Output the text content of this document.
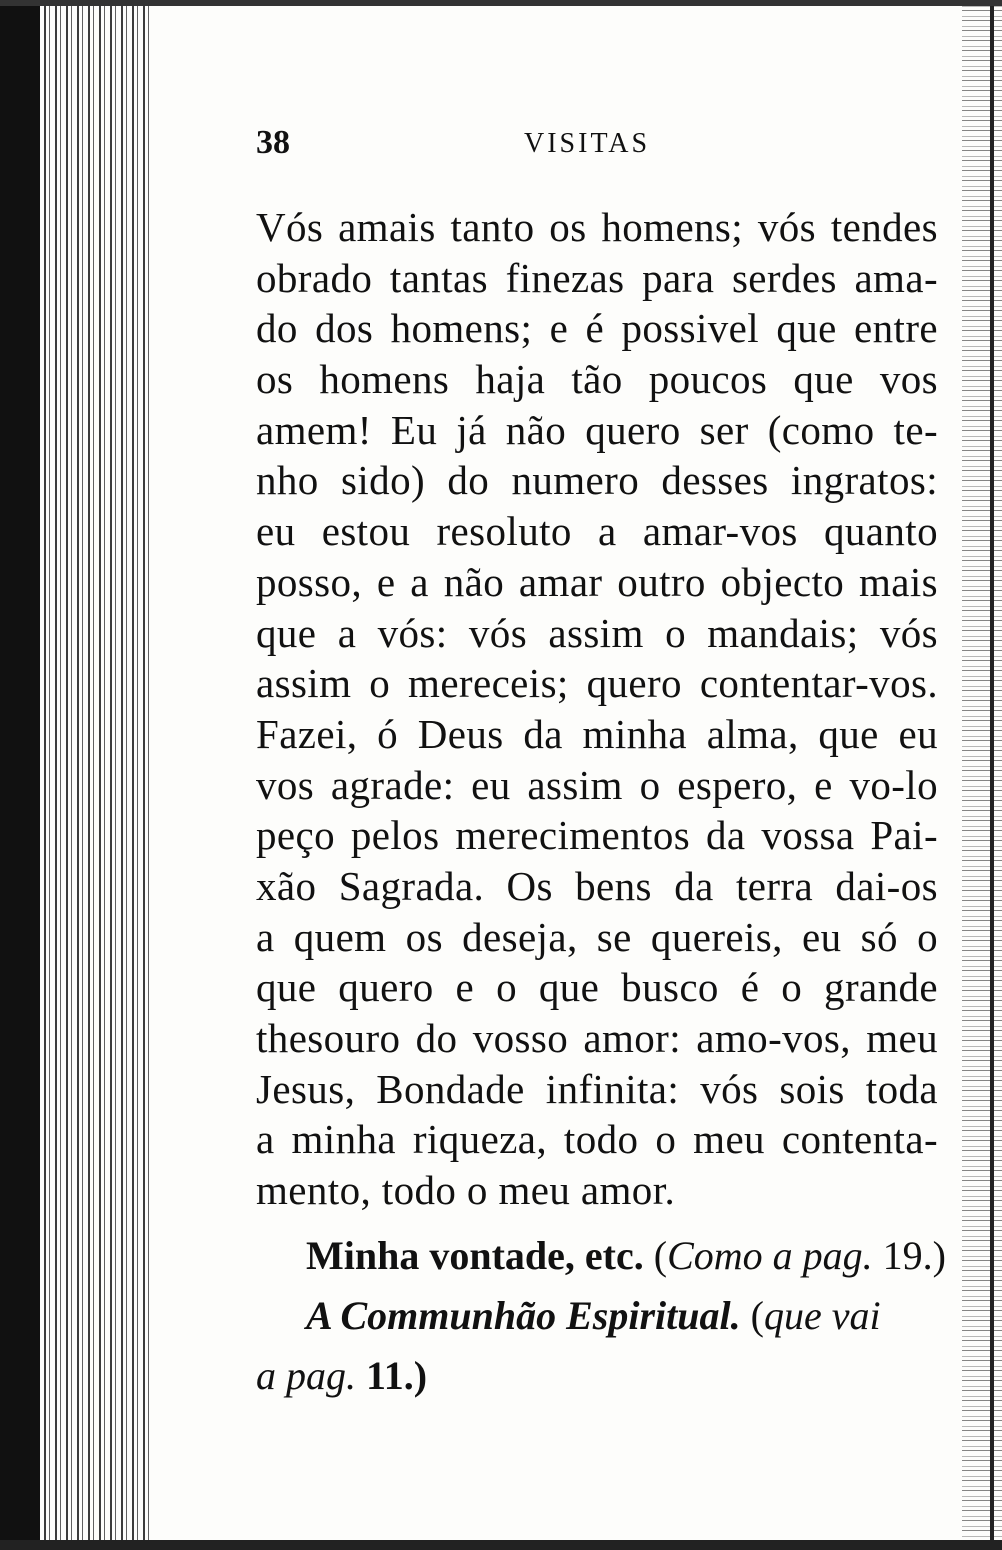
38	VISITAS
Vós amais tanto os homens; vós tendes
obrado tantas finezas para serdes ama-
do dos homens; e é possivel que entre
os homens haja tão poucos que vos
amem! Eu já não quero ser (como te-
nho sido) do numero desses ingratos:
eu estou resoluto a amar-vos quanto
posso, e a não amar outro objecto mais
que a vós: vós assim o mandais; vós
assim o mereceis; quero contentar-vos.
Fazei, ó Deus da minha alma, que eu
vos agrade: eu assim o espero, e vo-lo
peço pelos merecimentos da vossa Pai-
xão Sagrada. Os bens da terra dai-os
a quem os deseja, se quereis, eu só o
que quero e o que busco é o grande
thesouro do vosso amor: amo-vos, meu
Jesus, Bondade infinita: vós sois toda
a minha riqueza, todo o meu contenta-
mento, todo o meu amor.
Minha vontade, etc. (Como a pag. 19.)
A Communhão Espiritual. (que vai
a pag. 11.)
